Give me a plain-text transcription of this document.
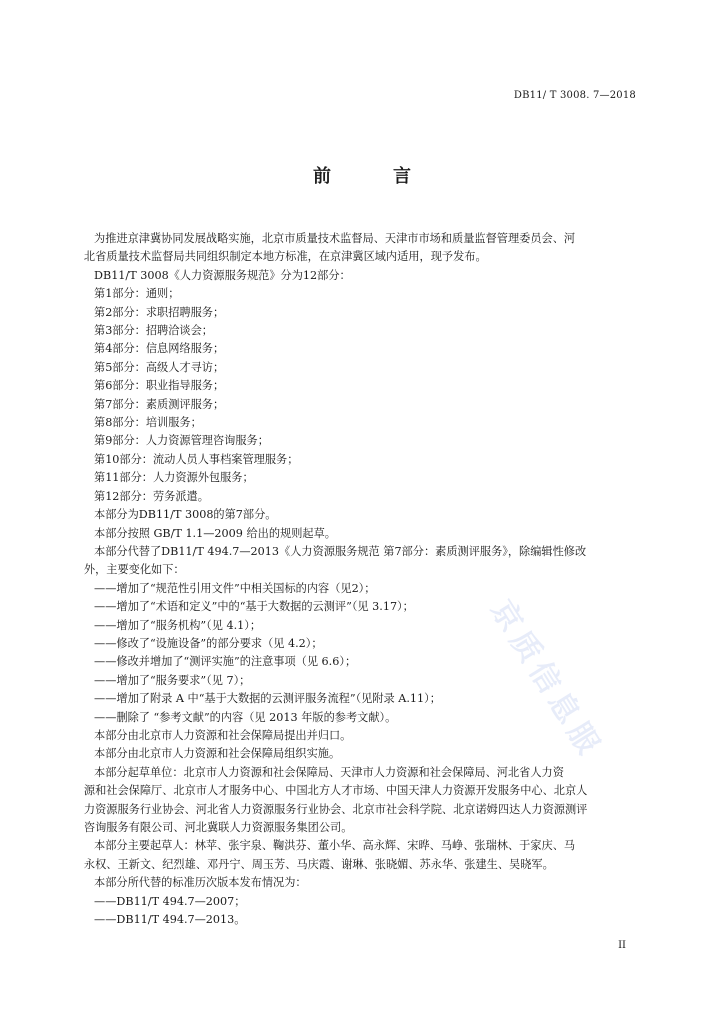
DB11/ T 3008. 7—2018
前　言

为推进京津冀协同发展战略实施，北京市质量技术监督局、天津市市场和质量监督管理委员会、河

北省质量技术监督局共同组织制定本地方标准，在京津冀区域内适用，现予发布。

DB11/T 3008《人力资源服务规范》分为12部分：

第1部分：通则；

第2部分：求职招聘服务；

第3部分：招聘洽谈会；

第4部分：信息网络服务；

第5部分：高级人才寻访；

第6部分：职业指导服务；

第7部分：素质测评服务；

第8部分：培训服务；

第9部分：人力资源管理咨询服务；

第10部分：流动人员人事档案管理服务；

第11部分：人力资源外包服务；

第12部分：劳务派遣。

本部分为DB11/T 3008的第7部分。

本部分按照 GB/T 1.1—2009 给出的规则起草。

本部分代替了DB11/T 494.7—2013《人力资源服务规范 第7部分：素质测评服务》，除编辑性修改

外，主要变化如下：

——增加了“规范性引用文件”中相关国标的内容（见2）；

——增加了“术语和定义”中的“基于大数据的云测评”（见 3.17）；

——增加了“服务机构”（见 4.1）；

——修改了“设施设备”的部分要求（见 4.2）；

——修改并增加了“测评实施”的注意事项（见 6.6）；

——增加了“服务要求”（见 7）；

——增加了附录 A 中“基于大数据的云测评服务流程”（见附录 A.11）；

——删除了 “参考文献”的内容（见 2013 年版的参考文献）。

本部分由北京市人力资源和社会保障局提出并归口。

本部分由北京市人力资源和社会保障局组织实施。

本部分起草单位：北京市人力资源和社会保障局、天津市人力资源和社会保障局、河北省人力资

源和社会保障厅、北京市人才服务中心、中国北方人才市场、中国天津人力资源开发服务中心、北京人

力资源服务行业协会、河北省人力资源服务行业协会、北京市社会科学院、北京诺姆四达人力资源测评

咨询服务有限公司、河北冀联人力资源服务集团公司。

本部分主要起草人：林苹、张宇泉、鞠洪芬、董小华、高永辉、宋晔、马峥、张瑞林、于家庆、马

永权、王新文、纪烈雄、邓丹宁、周玉芳、马庆霞、谢琳、张晓媚、苏永华、张建生、吴晓军。

本部分所代替的标准历次版本发布情况为：

——DB11/T 494.7—2007；

——DB11/T 494.7—2013。

京质信息服
II
